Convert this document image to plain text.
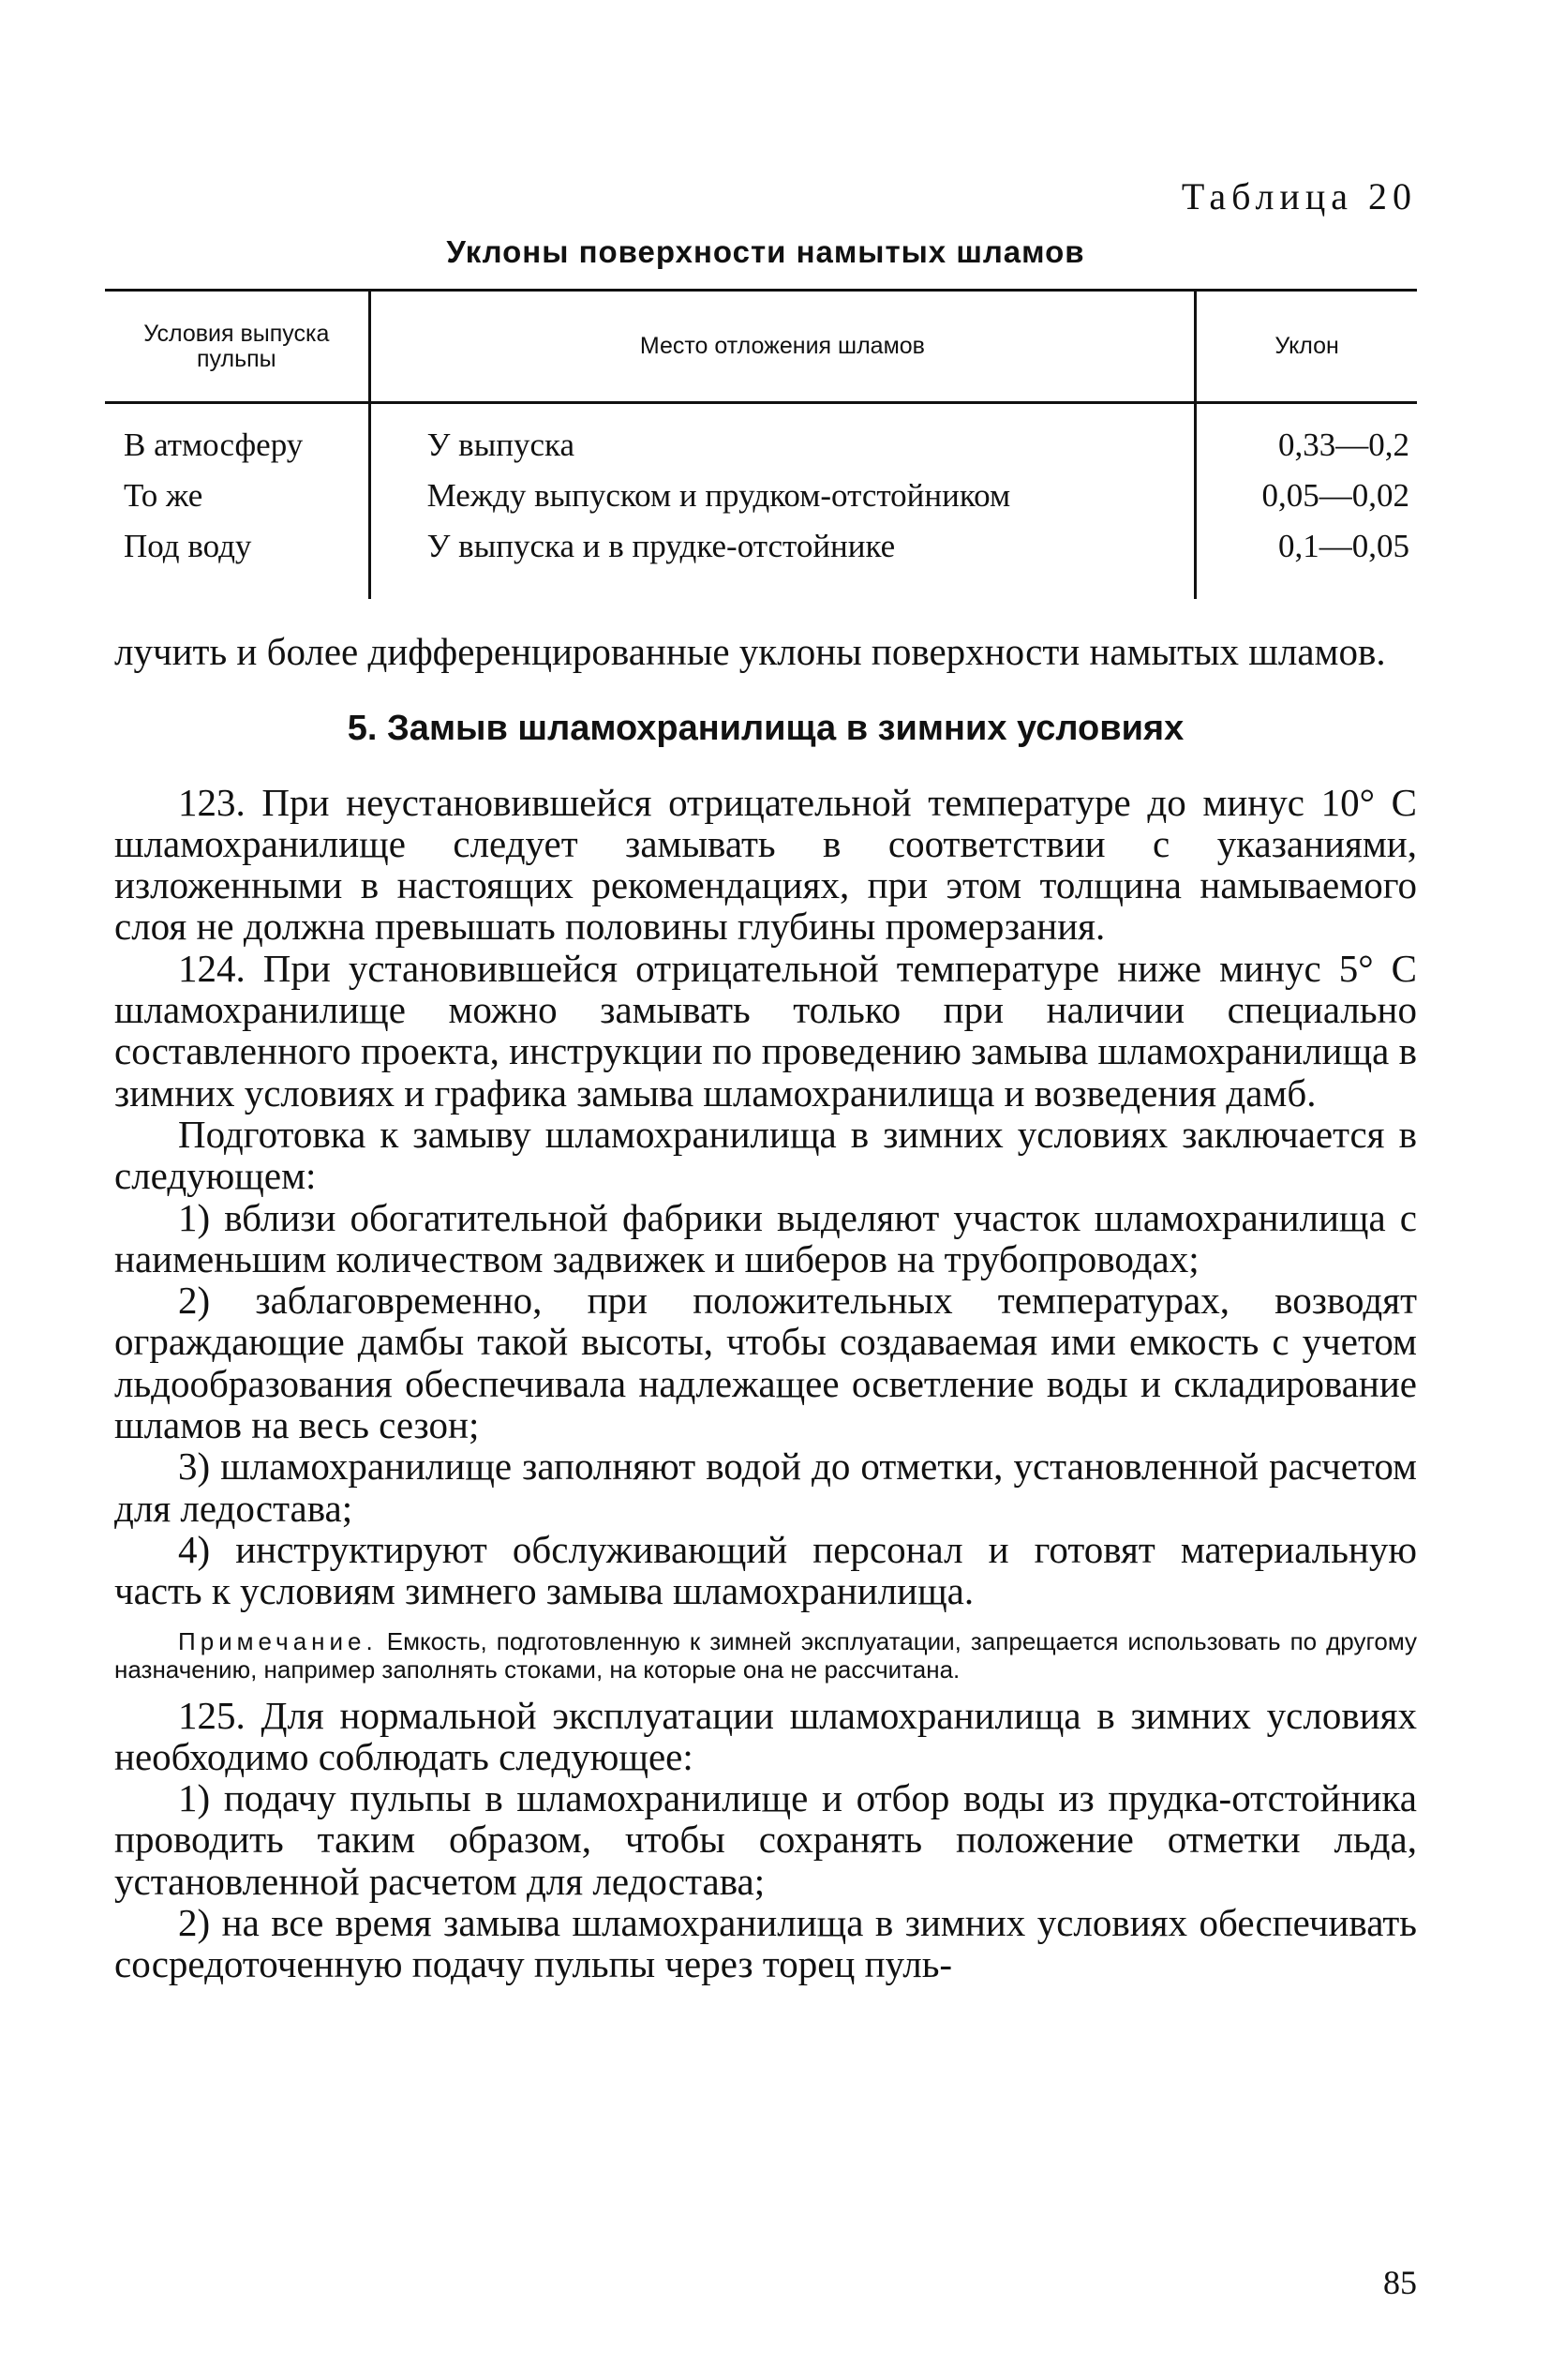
Таблица 20
Уклоны поверхности намытых шламов
Условия выпуска пульпы	Место отложения шламов	Уклон
В атмосферу	У выпуска	0,33—0,2
То же	Между выпуском и прудком-отстойником	0,05—0,02
Под воду	У выпуска и в прудке-отстойнике	0,1—0,05

лучить и более дифференцированные уклоны поверхности намытых шламов.

5. Замыв шламохранилища в зимних условиях

123. При неустановившейся отрицательной температуре до минус 10° С шламохранилище следует замывать в соответствии с указаниями, изложенными в настоящих рекомендациях, при этом толщина намываемого слоя не должна превышать половины глубины промерзания.

124. При установившейся отрицательной температуре ниже минус 5° С шламохранилище можно замывать только при наличии специально составленного проекта, инструкции по проведению замыва шламохранилища в зимних условиях и графика замыва шламохранилища и возведения дамб.

Подготовка к замыву шламохранилища в зимних условиях заключается в следующем:

1) вблизи обогатительной фабрики выделяют участок шламохранилища с наименьшим количеством задвижек и шиберов на трубопроводах;

2) заблаговременно, при положительных температурах, возводят ограждающие дамбы такой высоты, чтобы создаваемая ими емкость с учетом льдообразования обеспечивала надлежащее осветление воды и складирование шламов на весь сезон;

3) шламохранилище заполняют водой до отметки, установленной расчетом для ледостава;

4) инструктируют обслуживающий персонал и готовят материальную часть к условиям зимнего замыва шламохранилища.

Примечание. Емкость, подготовленную к зимней эксплуатации, запрещается использовать по другому назначению, например заполнять стоками, на которые она не рассчитана.

125. Для нормальной эксплуатации шламохранилища в зимних условиях необходимо соблюдать следующее:

1) подачу пульпы в шламохранилище и отбор воды из прудка-отстойника проводить таким образом, чтобы сохранять положение отметки льда, установленной расчетом для ледостава;

2) на все время замыва шламохранилища в зимних условиях обеспечивать сосредоточенную подачу пульпы через торец пуль-

85
